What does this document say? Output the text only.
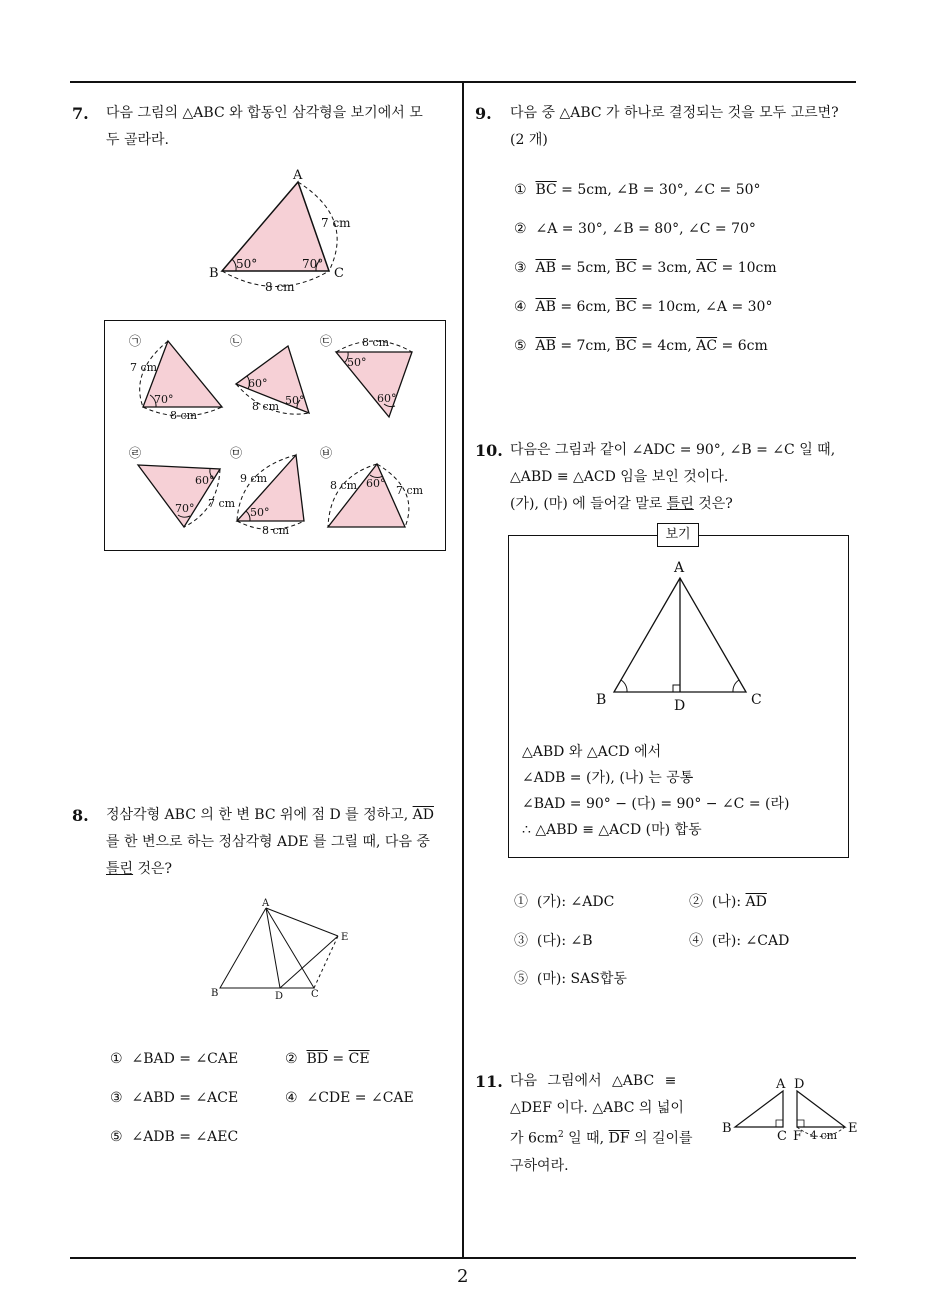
7. 다음 그림의 △ABC 와 합동인 삼각형을 보기에서 모
두 골라라.
A
B	C
7 cm
8 cm
50°	70°
㉠
7 cm
70°
8 cm
㉡
60°
8 cm 50°
㉢	8 cm
50°
60°
㉣
60°
7 cm
70°
㉤
9 cm
50°
8 cm
㉥
8 cm 60°
7 cm
8. 정삼각형 ABC 의 한 변 BC 위에 점 D 를 정하고, $\overline{AD}$
를 한 변으로 하는 정삼각형 ADE 를 그릴 때, 다음 중
틀린 것은?
A
B	D	C
E
① ∠BAD = ∠CAE	② $\overline{BD} = \overline{CE}$
③ ∠ABD = ∠ACE	④ ∠CDE = ∠CAE
⑤ ∠ADB = ∠AEC
9. 다음 중 △ABC 가 하나로 결정되는 것을 모두 고르면?
(2 개)
① $\overline{BC} = 5cm$, ∠B = 30°, ∠C = 50°
② ∠A = 30°, ∠B = 80°, ∠C = 70°
③ $\overline{AB} = 5cm$, $\overline{BC} = 3cm$, $\overline{AC} = 10cm$
④ $\overline{AB} = 6cm$, $\overline{BC} = 10cm$, ∠A = 30°
⑤ $\overline{AB} = 7cm$, $\overline{BC} = 4cm$, $\overline{AC} = 6cm$
10. 다음은 그림과 같이 ∠ADC = 90°, ∠B = ∠C 일 때,
△ABD ≡ △ACD 임을 보인 것이다.
(가), (마) 에 들어갈 말로 틀린 것은?
보기
A
B	D	C
△ABD 와 △ACD 에서
∠ADB = (가), (나) 는 공통
∠BAD = 90° − (다) = 90° − ∠C = (라)
∴ △ABD ≡ △ACD (마) 합동
① (가): ∠ADC	② (나): $\overline{AD}$
③ (다): ∠B	④ (라): ∠CAD
⑤ (마): SAS합동
11. 다음 그림에서 △ABC ≡
△DEF 이다. △ABC 의 넓이
가 $6cm^2$ 일 때, $\overline{DF}$ 의 길이를
구하여라.
A D
B
C F
E
4 cm
2
